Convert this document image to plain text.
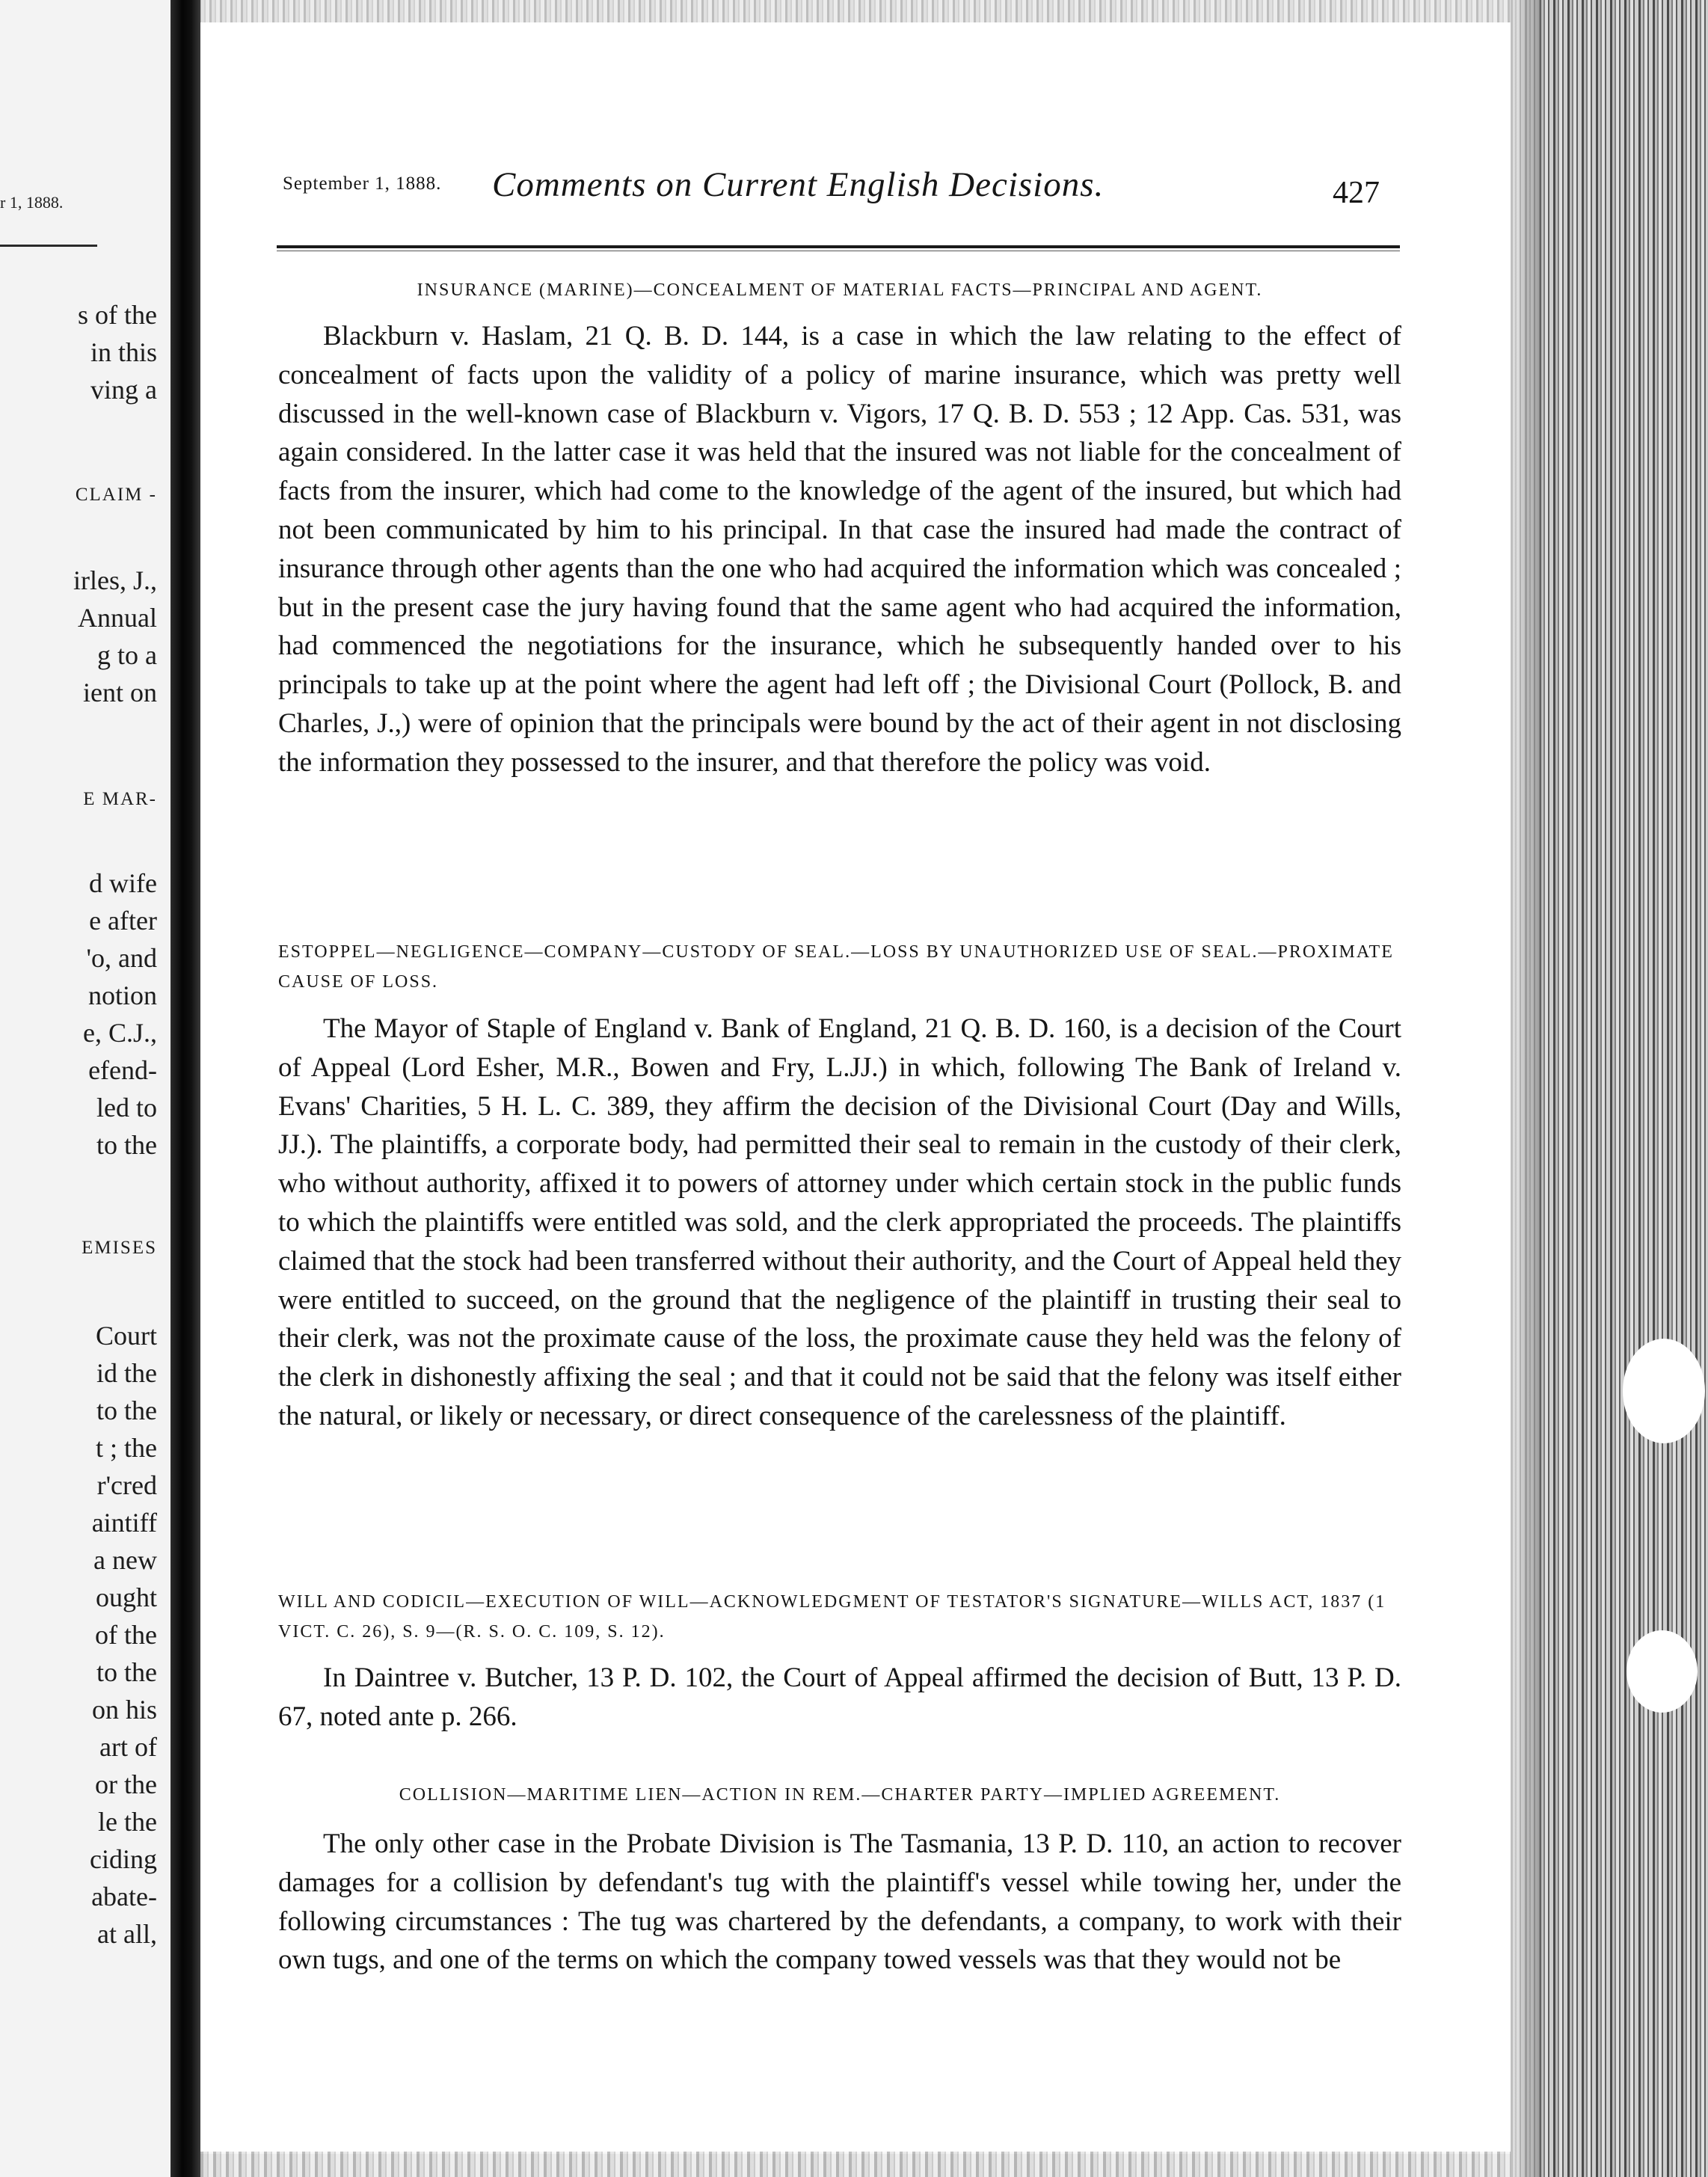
r 1, 1888.
s of the
in this
ving a
CLAIM -
irles, J.,
Annual
g to a
ient on
E MAR-
d wife
e after
'o, and
notion
e, C.J.,
efend-
led to
to the
EMISES
Court
id the
to the
t ; the
r'cred
aintiff
a new
ought
of the
to the
on his
art of
or the
le the
ciding
abate-
at all,
September 1, 1888. Comments on Current English Decisions.	427
INSURANCE (MARINE)—CONCEALMENT OF MATERIAL FACTS—PRINCIPAL AND AGENT.

Blackburn v. Haslam, 21 Q. B. D. 144, is a case in which the law relating to the effect of concealment of facts upon the validity of a policy of marine insurance, which was pretty well discussed in the well-known case of Blackburn v. Vigors, 17 Q. B. D. 553 ; 12 App. Cas. 531, was again considered. In the latter case it was held that the insured was not liable for the concealment of facts from the insurer, which had come to the knowledge of the agent of the insured, but which had not been communicated by him to his principal. In that case the insured had made the contract of insurance through other agents than the one who had acquired the information which was concealed ; but in the present case the jury having found that the same agent who had acquired the information, had commenced the negotiations for the insurance, which he subsequently handed over to his principals to take up at the point where the agent had left off ; the Divisional Court (Pollock, B. and Charles, J.,) were of opinion that the principals were bound by the act of their agent in not disclosing the information they possessed to the insurer, and that therefore the policy was void.

ESTOPPEL—NEGLIGENCE—COMPANY—CUSTODY OF SEAL.—LOSS BY UNAUTHORIZED USE OF SEAL.—PROXIMATE CAUSE OF LOSS.

The Mayor of Staple of England v. Bank of England, 21 Q. B. D. 160, is a decision of the Court of Appeal (Lord Esher, M.R., Bowen and Fry, L.JJ.) in which, following The Bank of Ireland v. Evans' Charities, 5 H. L. C. 389, they affirm the decision of the Divisional Court (Day and Wills, JJ.). The plaintiffs, a corporate body, had permitted their seal to remain in the custody of their clerk, who without authority, affixed it to powers of attorney under which certain stock in the public funds to which the plaintiffs were entitled was sold, and the clerk appropriated the proceeds. The plaintiffs claimed that the stock had been transferred without their authority, and the Court of Appeal held they were entitled to succeed, on the ground that the negligence of the plaintiff in trusting their seal to their clerk, was not the proximate cause of the loss, the proximate cause they held was the felony of the clerk in dishonestly affixing the seal ; and that it could not be said that the felony was itself either the natural, or likely or necessary, or direct consequence of the carelessness of the plaintiff.

WILL AND CODICIL—EXECUTION OF WILL—ACKNOWLEDGMENT OF TESTATOR'S SIGNATURE—WILLS ACT, 1837 (1 VICT. C. 26), S. 9—(R. S. O. C. 109, S. 12).

In Daintree v. Butcher, 13 P. D. 102, the Court of Appeal affirmed the decision of Butt, 13 P. D. 67, noted ante p. 266.

COLLISION—MARITIME LIEN—ACTION IN REM.—CHARTER PARTY—IMPLIED AGREEMENT.

The only other case in the Probate Division is The Tasmania, 13 P. D. 110, an action to recover damages for a collision by defendant's tug with the plaintiff's vessel while towing her, under the following circumstances : The tug was chartered by the defendants, a company, to work with their own tugs, and one of the terms on which the company towed vessels was that they would not be
